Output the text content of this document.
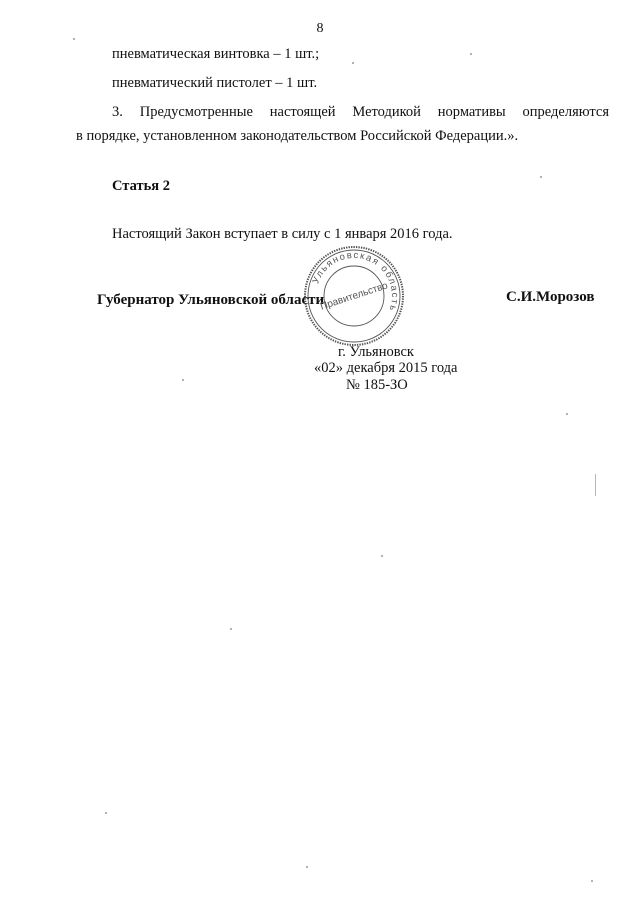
8
пневматическая винтовка – 1 шт.;
пневматический пистолет – 1 шт.
3. Предусмотренные настоящей Методикой нормативы определяются
в порядке, установленном законодательством Российской Федерации.».
Статья 2
Настоящий Закон вступает в силу с 1 января 2016 года.
Губернатор Ульяновской области
Ульяновская область
Правительство	С.И.Морозов
г. Ульяновск
«02» декабря 2015 года
№ 185-ЗО
